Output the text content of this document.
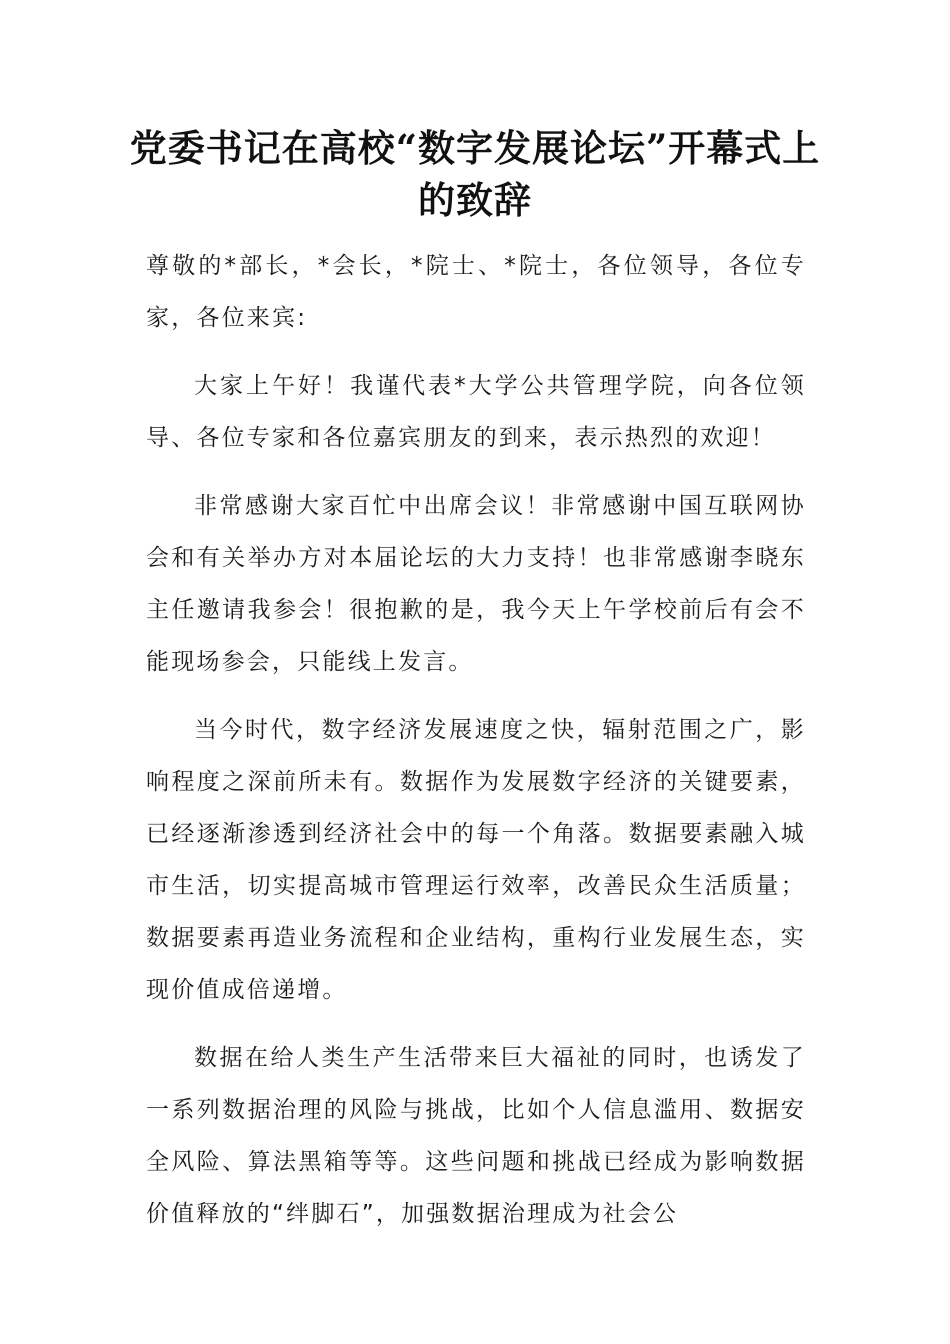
党委书记在高校“数字发展论坛”开幕式上的致辞

尊敬的*部长，*会长，*院士、*院士，各位领导，各位专家，各位来宾:

大家上午好！我谨代表*大学公共管理学院，向各位领导、各位专家和各位嘉宾朋友的到来，表示热烈的欢迎！

非常感谢大家百忙中出席会议！非常感谢中国互联网协会和有关举办方对本届论坛的大力支持！也非常感谢李晓东主任邀请我参会！很抱歉的是，我今天上午学校前后有会不能现场参会，只能线上发言。

当今时代，数字经济发展速度之快，辐射范围之广，影响程度之深前所未有。数据作为发展数字经济的关键要素，已经逐渐渗透到经济社会中的每一个角落。数据要素融入城市生活，切实提高城市管理运行效率，改善民众生活质量；数据要素再造业务流程和企业结构，重构行业发展生态，实现价值成倍递增。

数据在给人类生产生活带来巨大福祉的同时，也诱发了一系列数据治理的风险与挑战，比如个人信息滥用、数据安全风险、算法黑箱等等。这些问题和挑战已经成为影响数据价值释放的“绊脚石”，加强数据治理成为社会公
